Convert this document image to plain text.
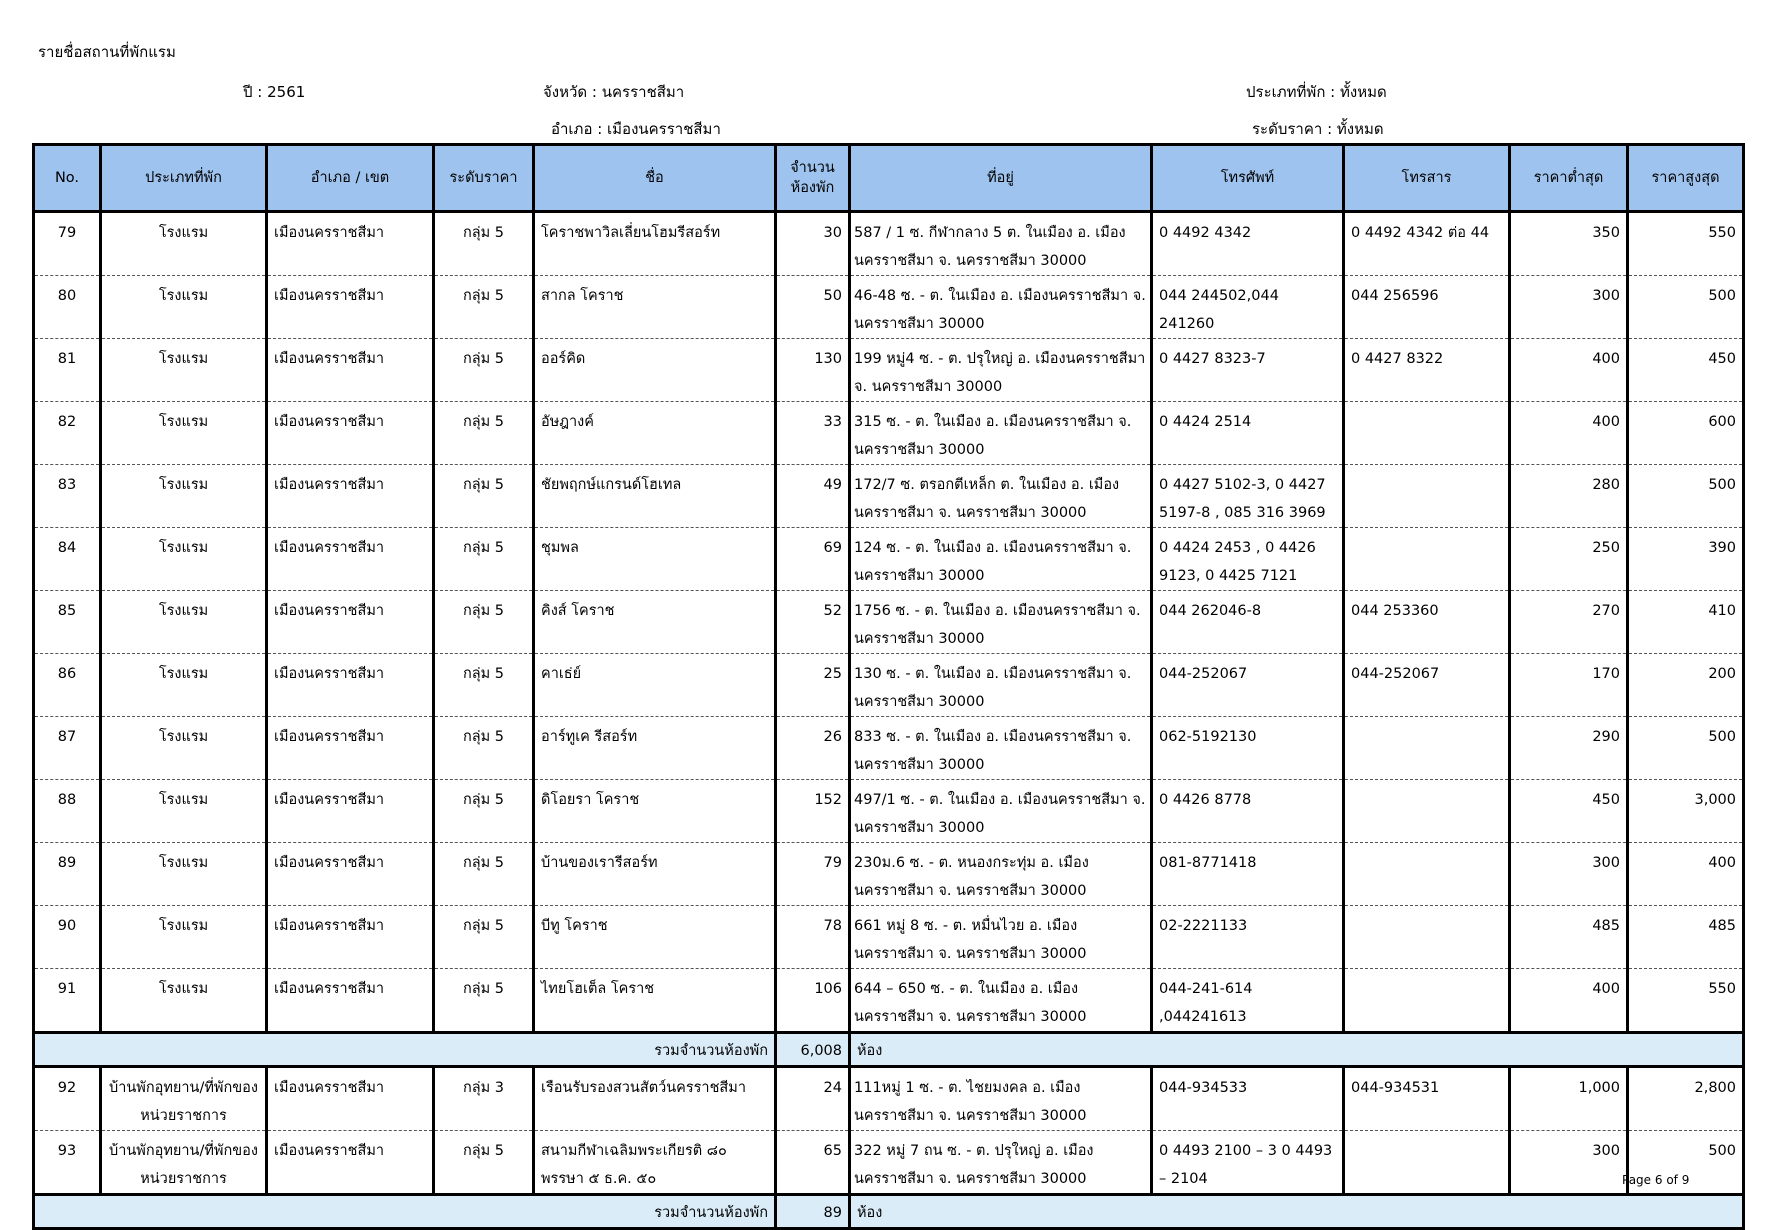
รายชื่อสถานที่พักแรม
ปี : 2561	จังหวัด : นครราชสีมา	ประเภทที่พัก : ทั้งหมด
อำเภอ : เมืองนครราชสีมา	ระดับราคา : ทั้งหมด
No.	ประเภทที่พัก	อำเภอ / เขต	ระดับราคา	ชื่อ	จำนวน ห้องพัก	ที่อยู่	โทรศัพท์	โทรสาร	ราคาต่ำสุด	ราคาสูงสุด
79	โรงแรม	เมืองนครราชสีมา	กลุ่ม 5	โคราชพาวิลเลี่ยนโฮมรีสอร์ท	30	587 / 1 ซ. กีฬากลาง 5 ต. ในเมือง อ. เมืองนครราชสีมา จ. นครราชสีมา 30000	0 4492 4342	0 4492 4342 ต่อ 44	350	550
80	โรงแรม	เมืองนครราชสีมา	กลุ่ม 5	สากล โคราช	50	46-48 ซ. - ต. ในเมือง อ. เมืองนครราชสีมา จ. นครราชสีมา 30000	044 244502,044 241260	044 256596	300	500
81	โรงแรม	เมืองนครราชสีมา	กลุ่ม 5	ออร์คิด	130	199 หมู่4 ซ. - ต. ปรุใหญ่ อ. เมืองนครราชสีมา จ. นครราชสีมา 30000	0 4427 8323-7	0 4427 8322	400	450
82	โรงแรม	เมืองนครราชสีมา	กลุ่ม 5	อัษฎางค์	33	315 ซ. - ต. ในเมือง อ. เมืองนครราชสีมา จ. นครราชสีมา 30000	0 4424 2514		400	600
83	โรงแรม	เมืองนครราชสีมา	กลุ่ม 5	ชัยพฤกษ์แกรนด์โฮเทล	49	172/7 ซ. ตรอกตีเหล็ก ต. ในเมือง อ. เมืองนครราชสีมา จ. นครราชสีมา 30000	0 4427 5102-3, 0 4427 5197-8 , 085 316 3969		280	500
84	โรงแรม	เมืองนครราชสีมา	กลุ่ม 5	ชุมพล	69	124 ซ. - ต. ในเมือง อ. เมืองนครราชสีมา จ. นครราชสีมา 30000	0 4424 2453 , 0 4426 9123, 0 4425 7121		250	390
85	โรงแรม	เมืองนครราชสีมา	กลุ่ม 5	คิงส์ โคราช	52	1756 ซ. - ต. ในเมือง อ. เมืองนครราชสีมา จ. นครราชสีมา 30000	044 262046-8	044 253360	270	410
86	โรงแรม	เมืองนครราชสีมา	กลุ่ม 5	คาเธ่ย์	25	130 ซ. - ต. ในเมือง อ. เมืองนครราชสีมา จ. นครราชสีมา 30000	044-252067	044-252067	170	200
87	โรงแรม	เมืองนครราชสีมา	กลุ่ม 5	อาร์ทูเค รีสอร์ท	26	833 ซ. - ต. ในเมือง อ. เมืองนครราชสีมา จ. นครราชสีมา 30000	062-5192130		290	500
88	โรงแรม	เมืองนครราชสีมา	กลุ่ม 5	ดิโอยรา โคราช	152	497/1 ซ. - ต. ในเมือง อ. เมืองนครราชสีมา จ. นครราชสีมา 30000	0 4426 8778		450	3,000
89	โรงแรม	เมืองนครราชสีมา	กลุ่ม 5	บ้านของเรารีสอร์ท	79	230ม.6 ซ. - ต. หนองกระทุ่ม อ. เมืองนครราชสีมา จ. นครราชสีมา 30000	081-8771418		300	400
90	โรงแรม	เมืองนครราชสีมา	กลุ่ม 5	บีทู โคราช	78	661 หมู่ 8 ซ. - ต. หมื่นไวย อ. เมืองนครราชสีมา จ. นครราชสีมา 30000	02-2221133		485	485
91	โรงแรม	เมืองนครราชสีมา	กลุ่ม 5	ไทยโฮเต็ล โคราช	106	644 – 650 ซ. - ต. ในเมือง อ. เมืองนครราชสีมา จ. นครราชสีมา 30000	044-241-614 ,044241613		400	550
รวมจำนวนห้องพัก					6,008	ห้อง				
92	บ้านพักอุทยาน/ที่พักของหน่วยราชการ	เมืองนครราชสีมา	กลุ่ม 3	เรือนรับรองสวนสัตว์นครราชสีมา	24	111หมู่ 1 ซ. - ต. ไชยมงคล อ. เมืองนครราชสีมา จ. นครราชสีมา 30000	044-934533	044-934531	1,000	2,800
93	บ้านพักอุทยาน/ที่พักของหน่วยราชการ	เมืองนครราชสีมา	กลุ่ม 5	สนามกีฬาเฉลิมพระเกียรติ ๘๐ พรรษา ๕ ธ.ค. ๕๐	65	322 หมู่ 7 ถน ซ. - ต. ปรุใหญ่ อ. เมืองนครราชสีมา จ. นครราชสีมา 30000	0 4493 2100 – 3 0 4493 – 2104		300	500
รวมจำนวนห้องพัก					89	ห้อง				
Page 6 of 9
